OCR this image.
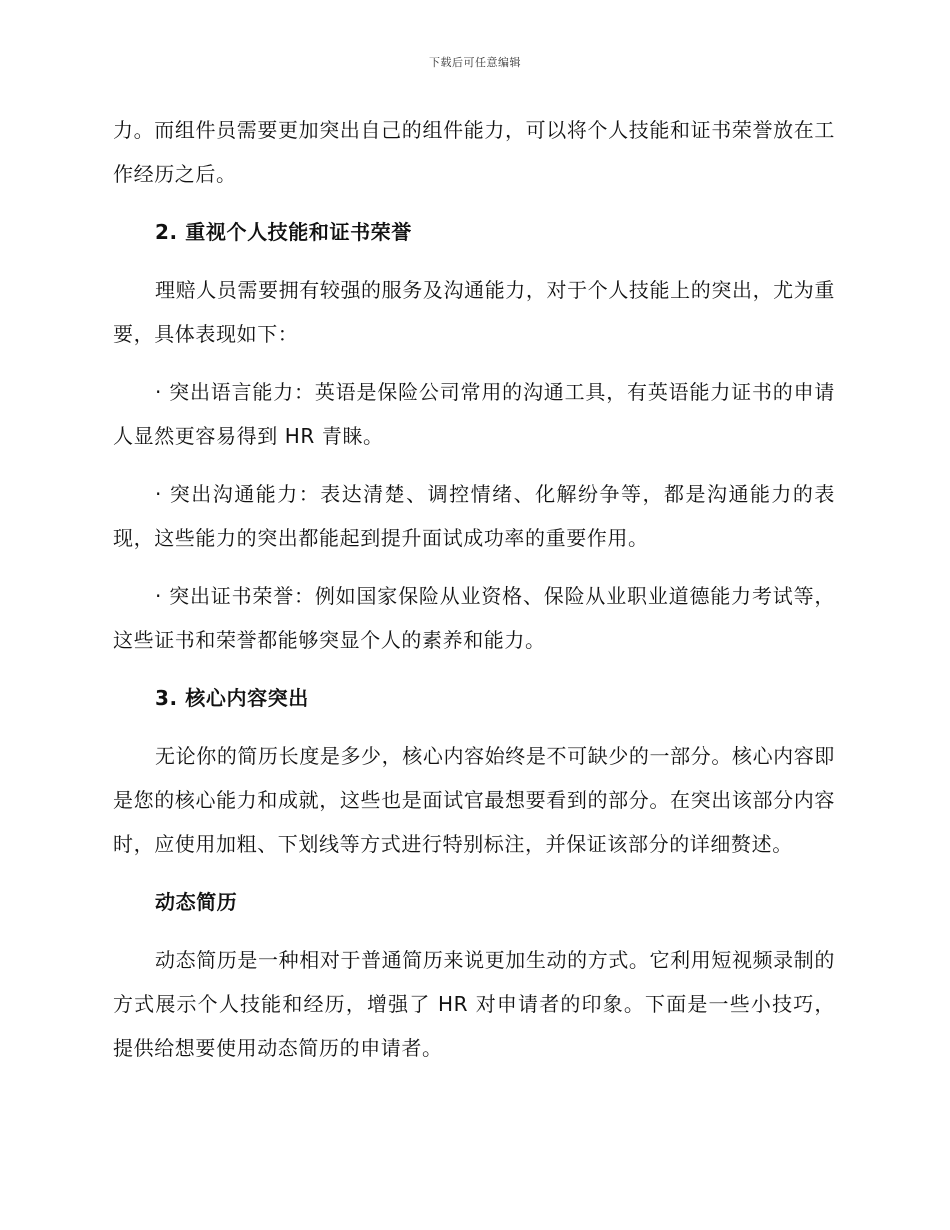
下载后可任意编辑

力。而组件员需要更加突出自己的组件能力，可以将个人技能和证书荣誉放在工作经历之后。

2. 重视个人技能和证书荣誉

理赔人员需要拥有较强的服务及沟通能力，对于个人技能上的突出，尤为重要，具体表现如下：

· 突出语言能力：英语是保险公司常用的沟通工具，有英语能力证书的申请人显然更容易得到 HR 青睐。

· 突出沟通能力：表达清楚、调控情绪、化解纷争等，都是沟通能力的表现，这些能力的突出都能起到提升面试成功率的重要作用。

· 突出证书荣誉：例如国家保险从业资格、保险从业职业道德能力考试等，这些证书和荣誉都能够突显个人的素养和能力。

3. 核心内容突出

无论你的简历长度是多少，核心内容始终是不可缺少的一部分。核心内容即是您的核心能力和成就，这些也是面试官最想要看到的部分。在突出该部分内容时，应使用加粗、下划线等方式进行特别标注，并保证该部分的详细赘述。

动态简历

动态简历是一种相对于普通简历来说更加生动的方式。它利用短视频录制的方式展示个人技能和经历，增强了 HR 对申请者的印象。下面是一些小技巧，提供给想要使用动态简历的申请者。
